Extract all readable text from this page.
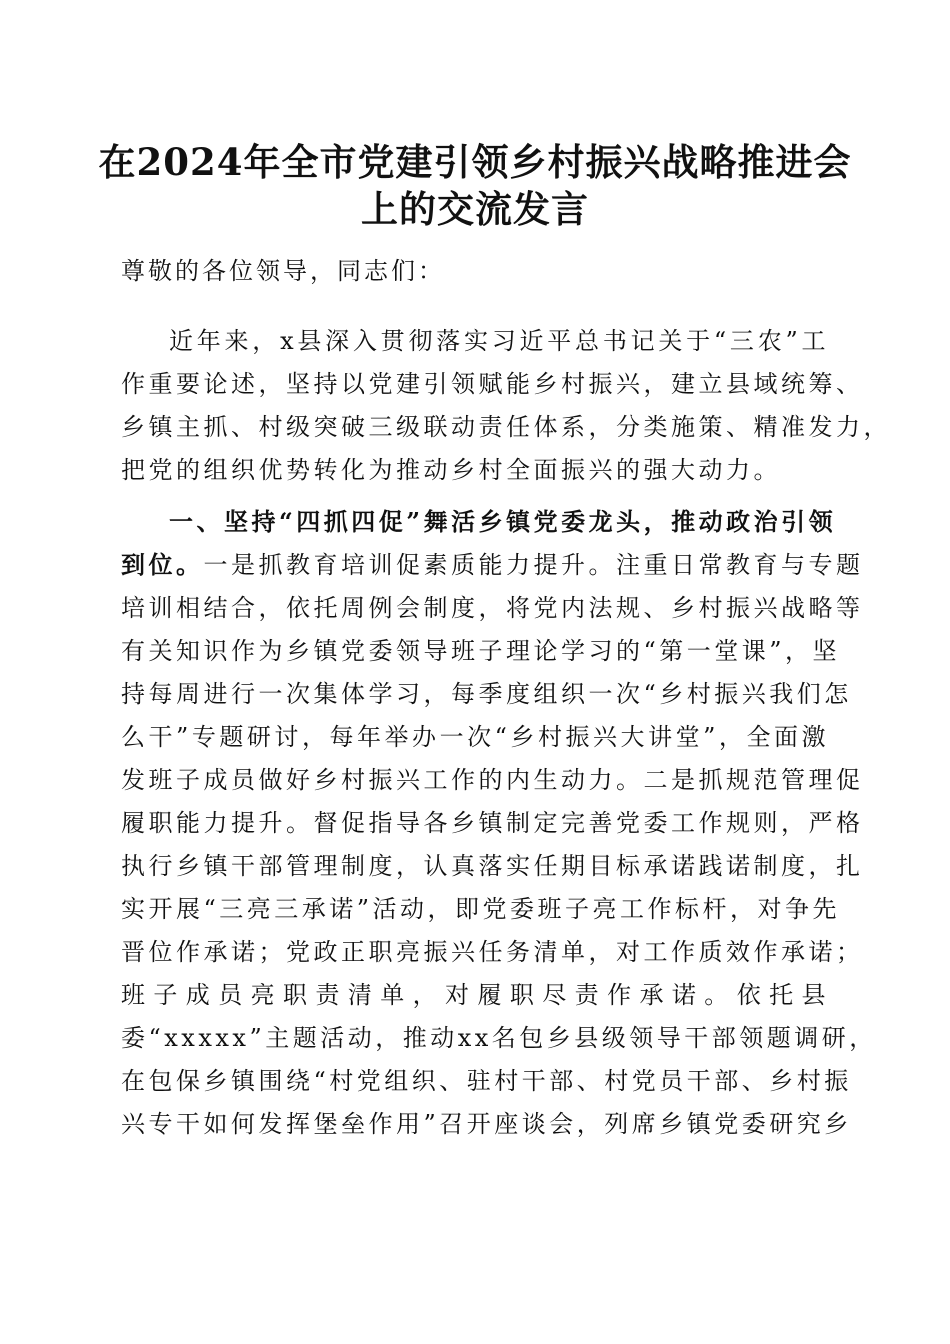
在2024年全市党建引领乡村振兴战略推进会
上的交流发言
尊敬的各位领导，同志们：
近年来，x县深入贯彻落实习近平总书记关于“三农”工
作重要论述，坚持以党建引领赋能乡村振兴，建立县域统筹、
乡镇主抓、村级突破三级联动责任体系，分类施策、精准发力，
把党的组织优势转化为推动乡村全面振兴的强大动力。
一、坚持“四抓四促”舞活乡镇党委龙头，推动政治引领
到位。一是抓教育培训促素质能力提升。注重日常教育与专题
培训相结合，依托周例会制度，将党内法规、乡村振兴战略等
有关知识作为乡镇党委领导班子理论学习的“第一堂课”，坚
持每周进行一次集体学习，每季度组织一次“乡村振兴我们怎
么干”专题研讨，每年举办一次“乡村振兴大讲堂”，全面激
发班子成员做好乡村振兴工作的内生动力。二是抓规范管理促
履职能力提升。督促指导各乡镇制定完善党委工作规则，严格
执行乡镇干部管理制度，认真落实任期目标承诺践诺制度，扎
实开展“三亮三承诺”活动，即党委班子亮工作标杆，对争先
晋位作承诺；党政正职亮振兴任务清单，对工作质效作承诺；
班子成员亮职责清单，对履职尽责作承诺。依托县
委“xxxxx”主题活动，推动xx名包乡县级领导干部领题调研，
在包保乡镇围绕“村党组织、驻村干部、村党员干部、乡村振
兴专干如何发挥堡垒作用”召开座谈会，列席乡镇党委研究乡
